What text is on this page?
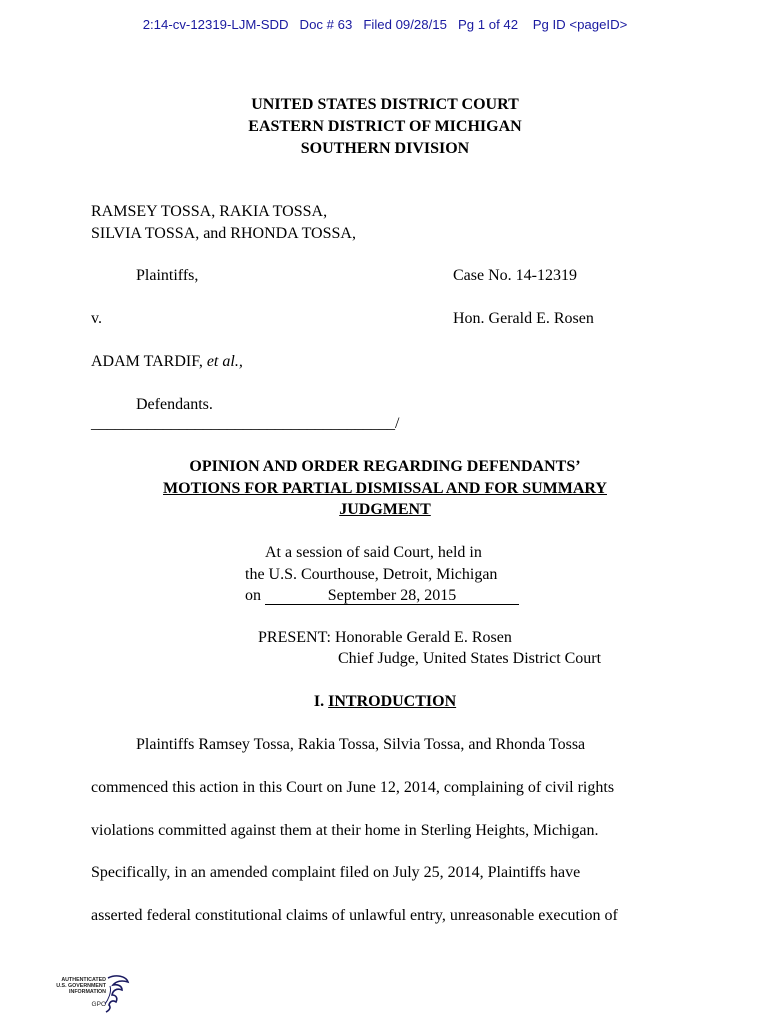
2:14-cv-12319-LJM-SDD Doc # 63 Filed 09/28/15 Pg 1 of 42 Pg ID <pageID>
UNITED STATES DISTRICT COURT
EASTERN DISTRICT OF MICHIGAN
SOUTHERN DIVISION
RAMSEY TOSSA, RAKIA TOSSA,
SILVIA TOSSA, and RHONDA TOSSA,
Plaintiffs,	Case No. 14-12319
v.	Hon. Gerald E. Rosen
ADAM TARDIF, et al.,
Defendants.
______________________________________/
OPINION AND ORDER REGARDING DEFENDANTS’
MOTIONS FOR PARTIAL DISMISSAL AND FOR SUMMARY
JUDGMENT
At a session of said Court, held in
the U.S. Courthouse, Detroit, Michigan
on	September 28, 2015
PRESENT: Honorable Gerald E. Rosen
Chief Judge, United States District Court
I. INTRODUCTION
Plaintiffs Ramsey Tossa, Rakia Tossa, Silvia Tossa, and Rhonda Tossa
commenced this action in this Court on June 12, 2014, complaining of civil rights
violations committed against them at their home in Sterling Heights, Michigan.
Specifically, in an amended complaint filed on July 25, 2014, Plaintiffs have
asserted federal constitutional claims of unlawful entry, unreasonable execution of
AUTHENTICATED
U.S. GOVERNMENT
INFORMATION
GPO
